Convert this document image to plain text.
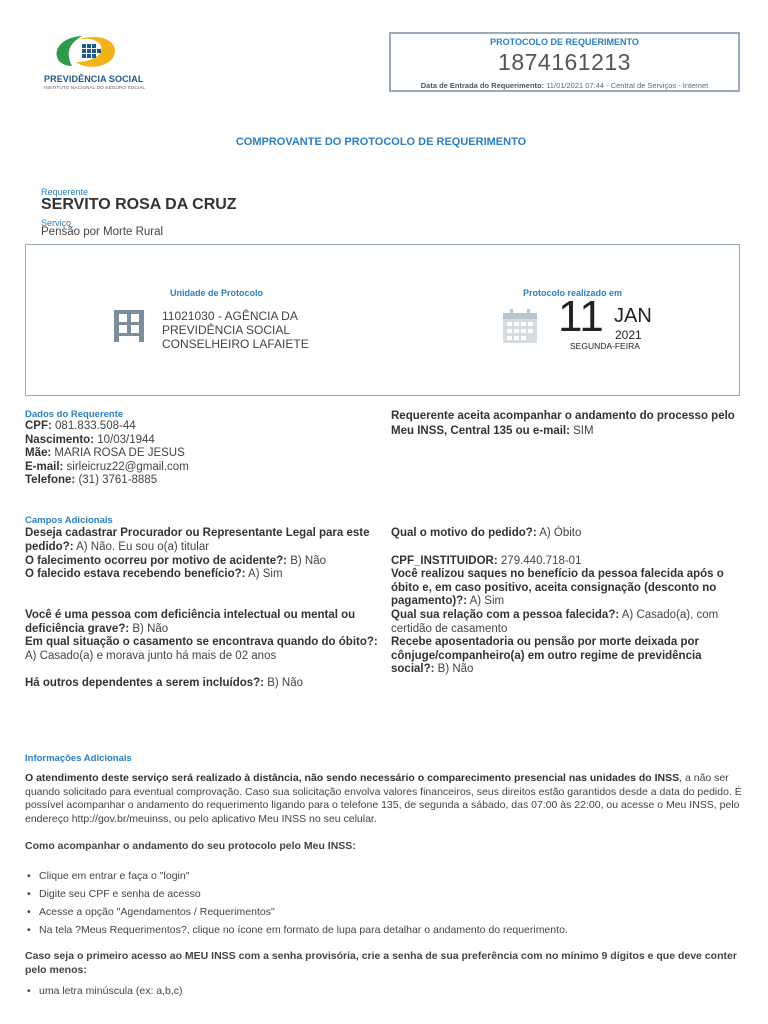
PREVIDÊNCIA SOCIAL
INSTITUTO NACIONAL DO SEGURO SOCIAL
PROTOCOLO DE REQUERIMENTO
1874161213
Data de Entrada do Requerimento: 11/01/2021 07:44 - Central de Serviços - Internet
COMPROVANTE DO PROTOCOLO DE REQUERIMENTO
Requerente
SERVITO ROSA DA CRUZ
Serviço
Pensão por Morte Rural
Unidade de Protocolo
11021030 - AGÊNCIA DA
PREVIDÊNCIA SOCIAL
CONSELHEIRO LAFAIETE
Protocolo realizado em
11 JAN
2021
SEGUNDA-FEIRA
Dados do Requerente
CPF: 081.833.508-44
Nascimento: 10/03/1944
Mãe: MARIA ROSA DE JESUS
E-mail: sirleicruz22@gmail.com
Telefone: (31) 3761-8885
Requerente aceita acompanhar o andamento do processo pelo Meu INSS, Central 135 ou e-mail: SIM
Campos Adicionais
Deseja cadastrar Procurador ou Representante Legal para este pedido?: A) Não. Eu sou o(a) titular
O falecimento ocorreu por motivo de acidente?: B) Não
O falecido estava recebendo benefício?: A) Sim
Você é uma pessoa com deficiência intelectual ou mental ou deficiência grave?: B) Não
Em qual situação o casamento se encontrava quando do óbito?:
A) Casado(a) e morava junto há mais de 02 anos
Há outros dependentes a serem incluídos?: B) Não
Qual o motivo do pedido?: A) Óbito
CPF_INSTITUIDOR: 279.440.718-01
Você realizou saques no benefício da pessoa falecida após o óbito e, em caso positivo, aceita consignação (desconto no pagamento)?: A) Sim
Qual sua relação com a pessoa falecida?: A) Casado(a), com certidão de casamento
Recebe aposentadoria ou pensão por morte deixada por cônjuge/companheiro(a) em outro regime de previdência social?: B) Não
Informações Adicionais
O atendimento deste serviço será realizado à distância, não sendo necessário o comparecimento presencial nas unidades do INSS, a não ser quando solicitado para eventual comprovação. Caso sua solicitação envolva valores financeiros, seus direitos estão garantidos desde a data do pedido. É possível acompanhar o andamento do requerimento ligando para o telefone 135, de segunda a sábado, das 07:00 às 22:00, ou acesse o Meu INSS, pelo endereço http://gov.br/meuinss, ou pelo aplicativo Meu INSS no seu celular.
Como acompanhar o andamento do seu protocolo pelo Meu INSS:
• Clique em entrar e faça o "login"
• Digite seu CPF e senha de acesso
• Acesse a opção "Agendamentos / Requerimentos"
• Na tela ?Meus Requerimentos?, clique no ícone em formato de lupa para detalhar o andamento do requerimento.
Caso seja o primeiro acesso ao MEU INSS com a senha provisória, crie a senha de sua preferência com no mínimo 9 dígitos e que deve conter pelo menos:
• uma letra minúscula (ex: a,b,c)
